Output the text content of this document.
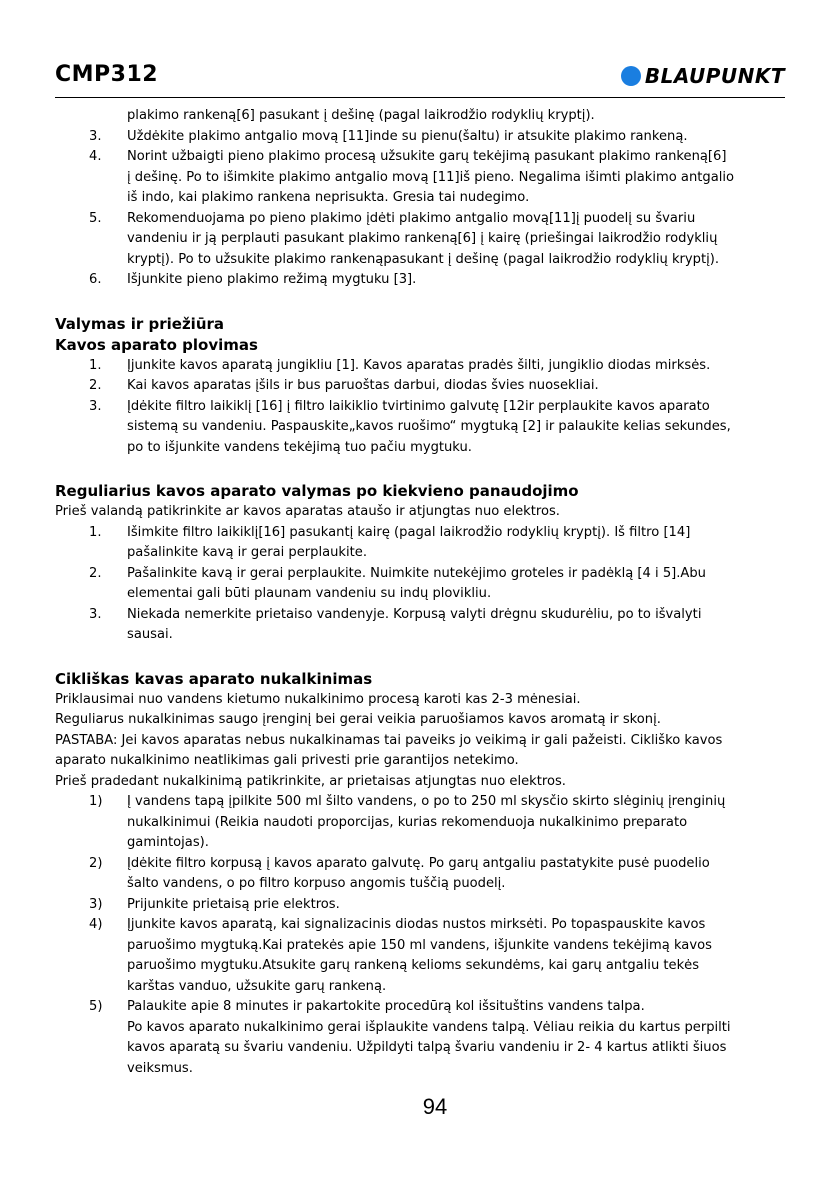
CMP312	BLAUPUNKT
plakimo rankeną[6] pasukant į dešinę (pagal laikrodžio rodyklių kryptį).
3.	Uždėkite plakimo antgalio movą [11]inde su pienu(šaltu) ir atsukite plakimo rankeną.
4.	Norint užbaigti pieno plakimo procesą užsukite garų tekėjimą pasukant plakimo rankeną[6]
į dešinę. Po to išimkite plakimo antgalio movą [11]iš pieno. Negalima išimti plakimo antgalio
iš indo, kai plakimo rankena neprisukta. Gresia tai nudegimo.
5.	Rekomenduojama po pieno plakimo įdėti plakimo antgalio movą[11]į puodelį su švariu
vandeniu ir ją perplauti pasukant plakimo rankeną[6] į kairę (priešingai laikrodžio rodyklių
kryptį). Po to užsukite plakimo rankenąpasukant į dešinę (pagal laikrodžio rodyklių kryptį).
6.	Išjunkite pieno plakimo režimą mygtuku [3].
Valymas ir priežiūra
Kavos aparato plovimas
1.	Įjunkite kavos aparatą jungikliu [1]. Kavos aparatas pradės šilti, jungiklio diodas mirksės.
2.	Kai kavos aparatas įšils ir bus paruoštas darbui, diodas švies nuosekliai.
3.	Įdėkite filtro laikiklį [16] į filtro laikiklio tvirtinimo galvutę [12ir perplaukite kavos aparato
sistemą su vandeniu. Paspauskite„kavos ruošimo“ mygtuką [2] ir palaukite kelias sekundes,
po to išjunkite vandens tekėjimą tuo pačiu mygtuku.
Reguliarius kavos aparato valymas po kiekvieno panaudojimo
Prieš valandą patikrinkite ar kavos aparatas ataušo ir atjungtas nuo elektros.
1.	Išimkite filtro laikiklį[16] pasukantį kairę (pagal laikrodžio rodyklių kryptį). Iš filtro [14]
pašalinkite kavą ir gerai perplaukite.
2.	Pašalinkite kavą ir gerai perplaukite. Nuimkite nutekėjimo groteles ir padėklą [4 i 5].Abu
elementai gali būti plaunam vandeniu su indų plovikliu.
3.	Niekada nemerkite prietaiso vandenyje. Korpusą valyti drėgnu skudurėliu, po to išvalyti
sausai.
Cikliškas kavas aparato nukalkinimas
Priklausimai nuo vandens kietumo nukalkinimo procesą karoti kas 2-3 mėnesiai.
Reguliarus nukalkinimas saugo įrenginį bei gerai veikia paruošiamos kavos aromatą ir skonį.
PASTABA: Jei kavos aparatas nebus nukalkinamas tai paveiks jo veikimą ir gali pažeisti. Cikliško kavos
aparato nukalkinimo neatlikimas gali privesti prie garantijos netekimo.
Prieš pradedant nukalkinimą patikrinkite, ar prietaisas atjungtas nuo elektros.
1)	Į vandens tapą įpilkite 500 ml šilto vandens, o po to 250 ml skysčio skirto slėginių įrenginių
nukalkinimui (Reikia naudoti proporcijas, kurias rekomenduoja nukalkinimo preparato
gamintojas).
2)	Įdėkite filtro korpusą į kavos aparato galvutę. Po garų antgaliu pastatykite pusė puodelio
šalto vandens, o po filtro korpuso angomis tuščią puodelį.
3)	Prijunkite prietaisą prie elektros.
4)	Įjunkite kavos aparatą, kai signalizacinis diodas nustos mirksėti. Po topaspauskite kavos
paruošimo mygtuką.Kai pratekės apie 150 ml vandens, išjunkite vandens tekėjimą kavos
paruošimo mygtuku.Atsukite garų rankeną kelioms sekundėms, kai garų antgaliu tekės
karštas vanduo, užsukite garų rankeną.
5)	Palaukite apie 8 minutes ir pakartokite procedūrą kol išsituštins vandens talpa.
Po kavos aparato nukalkinimo gerai išplaukite vandens talpą. Vėliau reikia du kartus perpilti
kavos aparatą su švariu vandeniu. Užpildyti talpą švariu vandeniu ir 2- 4 kartus atlikti šiuos
veiksmus.
94
